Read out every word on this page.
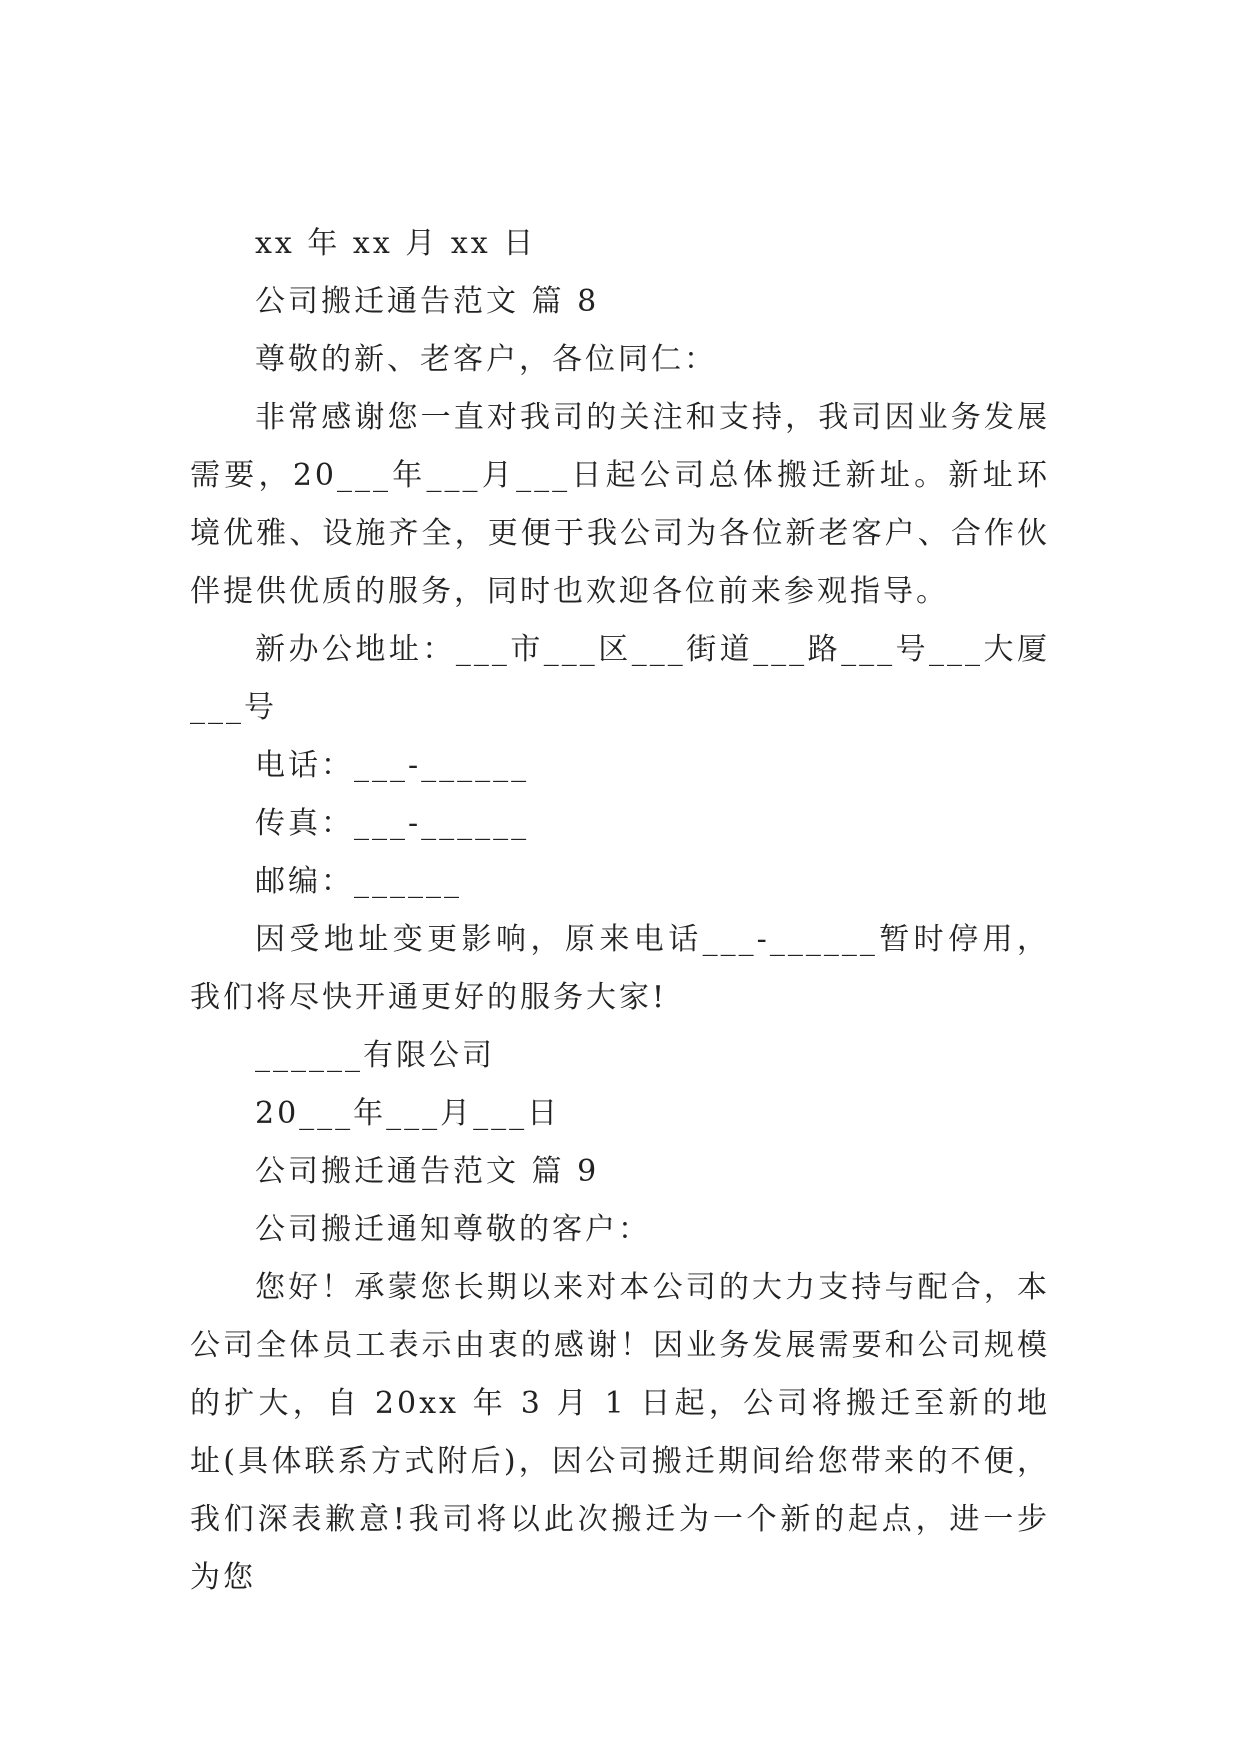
xx 年 xx 月 xx 日

公司搬迁通告范文 篇 8

尊敬的新、老客户，各位同仁：

非常感谢您一直对我司的关注和支持，我司因业务发展需要，20___年___月___日起公司总体搬迁新址。新址环境优雅、设施齐全，更便于我公司为各位新老客户、合作伙伴提供优质的服务，同时也欢迎各位前来参观指导。

新办公地址：___市___区___街道___路___号___大厦___号

电话：___-______

传真：___-______

邮编：______

因受地址变更影响，原来电话___-______暂时停用，我们将尽快开通更好的服务大家!

______有限公司

20___年___月___日

公司搬迁通告范文 篇 9

公司搬迁通知尊敬的客户：

您好！承蒙您长期以来对本公司的大力支持与配合，本公司全体员工表示由衷的感谢！因业务发展需要和公司规模的扩大，自 20xx 年 3 月 1 日起，公司将搬迁至新的地址(具体联系方式附后)，因公司搬迁期间给您带来的不便，我们深表歉意!我司将以此次搬迁为一个新的起点，进一步为您
